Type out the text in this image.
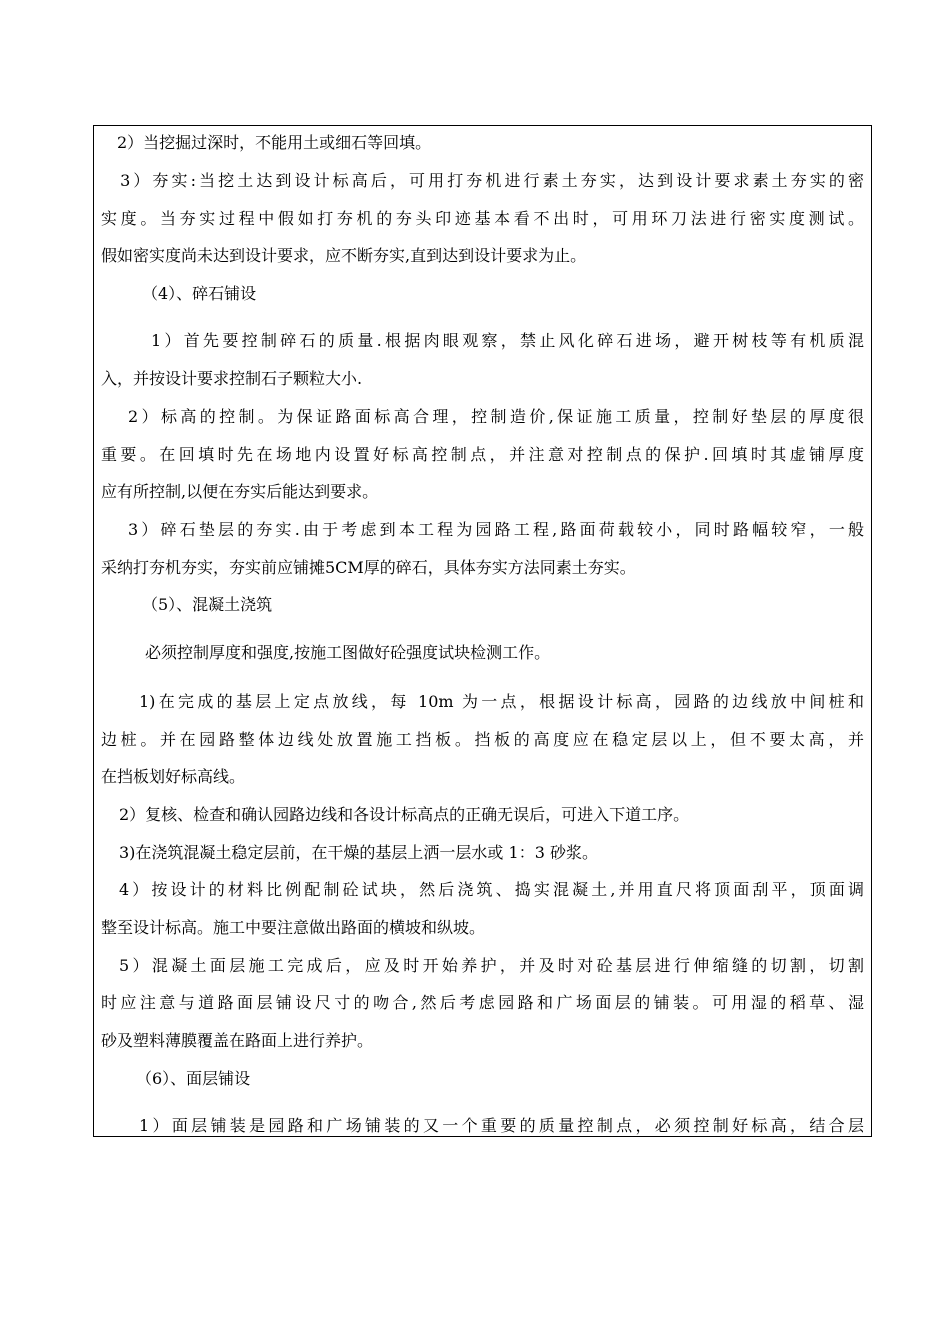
　2）当挖掘过深时，不能用土或细石等回填。
　3）夯实:当挖土达到设计标高后，可用打夯机进行素土夯实，达到设计要求素土夯实的密
实度。当夯实过程中假如打夯机的夯头印迹基本看不出时，可用环刀法进行密实度测试。
假如密实度尚未达到设计要求，应不断夯实,直到达到设计要求为止。
（4）、碎石铺设
1）首先要控制碎石的质量.根据肉眼观察，禁止风化碎石进场，避开树枝等有机质混
入，并按设计要求控制石子颗粒大小.
2）标高的控制。为保证路面标高合理，控制造价,保证施工质量，控制好垫层的厚度很
重要。在回填时先在场地内设置好标高控制点，并注意对控制点的保护.回填时其虚铺厚度
应有所控制,以便在夯实后能达到要求。
3）碎石垫层的夯实.由于考虑到本工程为园路工程,路面荷载较小，同时路幅较窄，一般
采纳打夯机夯实，夯实前应铺摊5CM厚的碎石，具体夯实方法同素土夯实。
（5）、混凝土浇筑
必须控制厚度和强度,按施工图做好砼强度试块检测工作。
1)在完成的基层上定点放线，每 10m 为一点，根据设计标高，园路的边线放中间桩和
边桩。并在园路整体边线处放置施工挡板。挡板的高度应在稳定层以上，但不要太高，并
在挡板划好标高线。
2）复核、检查和确认园路边线和各设计标高点的正确无误后，可进入下道工序。
3)在浇筑混凝土稳定层前，在干燥的基层上洒一层水或 1：3 砂浆。
4）按设计的材料比例配制砼试块，然后浇筑、捣实混凝土,并用直尺将顶面刮平，顶面调
整至设计标高。施工中要注意做出路面的横坡和纵坡。
5）混凝土面层施工完成后，应及时开始养护，并及时对砼基层进行伸缩缝的切割，切割
时应注意与道路面层铺设尺寸的吻合,然后考虑园路和广场面层的铺装。可用湿的稻草、湿
砂及塑料薄膜覆盖在路面上进行养护。
（6）、面层铺设
1）面层铺装是园路和广场铺装的又一个重要的质量控制点，必须控制好标高，结合层
